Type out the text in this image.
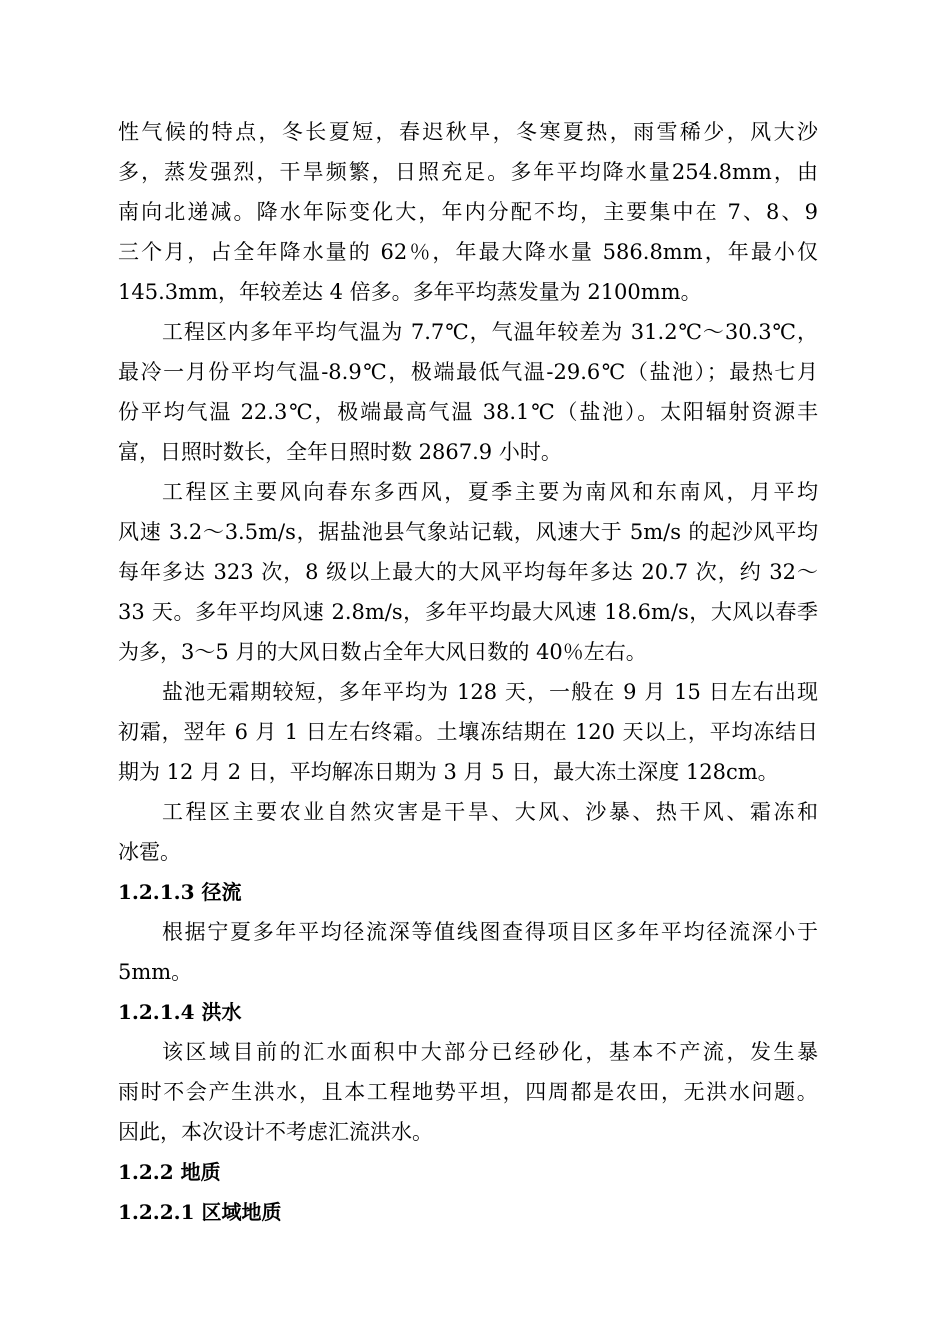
性气候的特点，冬长夏短，春迟秋早，冬寒夏热，雨雪稀少，风大沙
多，蒸发强烈，干旱频繁，日照充足。多年平均降水量254.8mm，由
南向北递减。降水年际变化大，年内分配不均，主要集中在 7、8、9
三个月，占全年降水量的 62％，年最大降水量 586.8mm，年最小仅
145.3mm，年较差达 4 倍多。多年平均蒸发量为 2100mm。
工程区内多年平均气温为 7.7℃，气温年较差为 31.2℃～30.3℃，
最冷一月份平均气温-8.9℃，极端最低气温-29.6℃（盐池）；最热七月
份平均气温 22.3℃，极端最高气温 38.1℃（盐池）。太阳辐射资源丰
富，日照时数长，全年日照时数 2867.9 小时。
工程区主要风向春东多西风，夏季主要为南风和东南风，月平均
风速 3.2～3.5m/s，据盐池县气象站记载，风速大于 5m/s 的起沙风平均
每年多达 323 次，8 级以上最大的大风平均每年多达 20.7 次，约 32～
33 天。多年平均风速 2.8m/s，多年平均最大风速 18.6m/s，大风以春季
为多，3～5 月的大风日数占全年大风日数的 40％左右。
盐池无霜期较短，多年平均为 128 天，一般在 9 月 15 日左右出现
初霜，翌年 6 月 1 日左右终霜。土壤冻结期在 120 天以上，平均冻结日
期为 12 月 2 日，平均解冻日期为 3 月 5 日，最大冻土深度 128cm。
工程区主要农业自然灾害是干旱、大风、沙暴、热干风、霜冻和
冰雹。
1.2.1.3 径流
根据宁夏多年平均径流深等值线图查得项目区多年平均径流深小于
5mm。
1.2.1.4 洪水
该区域目前的汇水面积中大部分已经砂化，基本不产流，发生暴
雨时不会产生洪水，且本工程地势平坦，四周都是农田，无洪水问题。
因此，本次设计不考虑汇流洪水。
1.2.2 地质
1.2.2.1 区域地质
